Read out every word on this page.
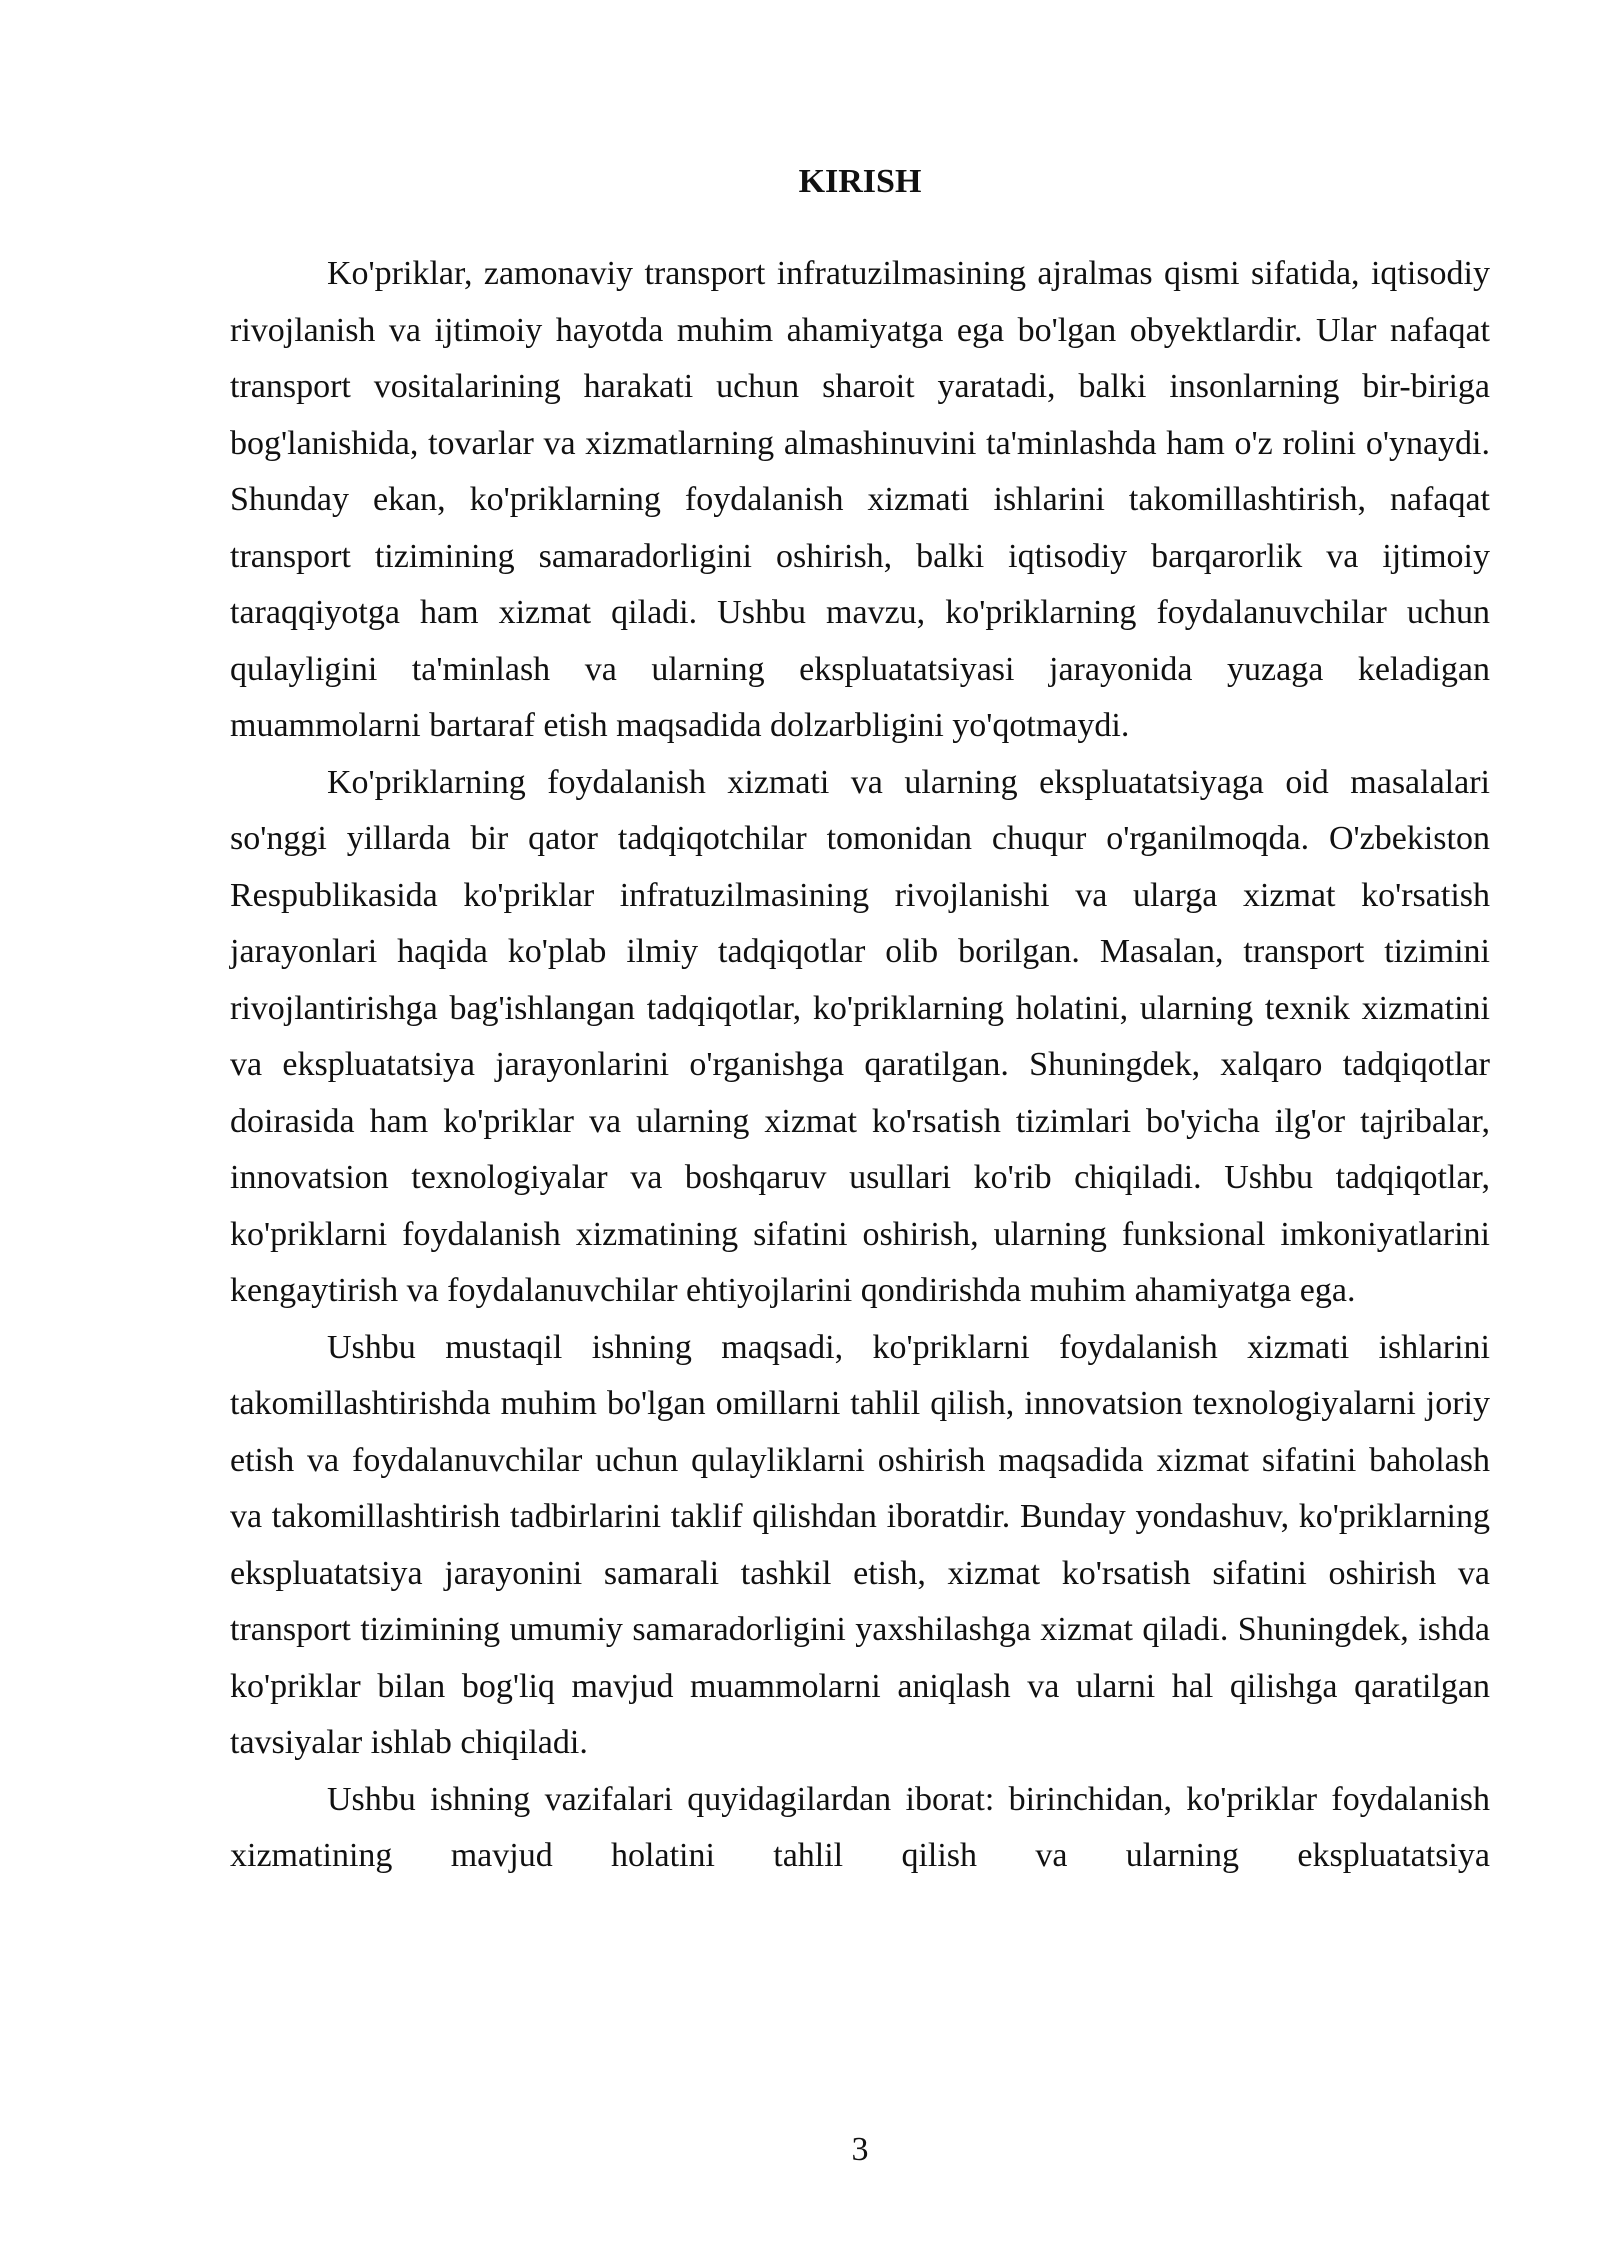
KIRISH

Ko'priklar, zamonaviy transport infratuzilmasining ajralmas qismi sifatida, iqtisodiy rivojlanish va ijtimoiy hayotda muhim ahamiyatga ega bo'lgan obyektlardir. Ular nafaqat transport vositalarining harakati uchun sharoit yaratadi, balki insonlarning bir-biriga bog'lanishida, tovarlar va xizmatlarning almashinuvini ta'minlashda ham o'z rolini o'ynaydi. Shunday ekan, ko'priklarning foydalanish xizmati ishlarini takomillashtirish, nafaqat transport tizimining samaradorligini oshirish, balki iqtisodiy barqarorlik va ijtimoiy taraqqiyotga ham xizmat qiladi. Ushbu mavzu, ko'priklarning foydalanuvchilar uchun qulayligini ta'minlash va ularning ekspluatatsiyasi jarayonida yuzaga keladigan muammolarni bartaraf etish maqsadida dolzarbligini yo'qotmaydi.

Ko'priklarning foydalanish xizmati va ularning ekspluatatsiyaga oid masalalari so'nggi yillarda bir qator tadqiqotchilar tomonidan chuqur o'rganilmoqda. O'zbekiston Respublikasida ko'priklar infratuzilmasining rivojlanishi va ularga xizmat ko'rsatish jarayonlari haqida ko'plab ilmiy tadqiqotlar olib borilgan. Masalan, transport tizimini rivojlantirishga bag'ishlangan tadqiqotlar, ko'priklarning holatini, ularning texnik xizmatini va ekspluatatsiya jarayonlarini o'rganishga qaratilgan. Shuningdek, xalqaro tadqiqotlar doirasida ham ko'priklar va ularning xizmat ko'rsatish tizimlari bo'yicha ilg'or tajribalar, innovatsion texnologiyalar va boshqaruv usullari ko'rib chiqiladi. Ushbu tadqiqotlar, ko'priklarni foydalanish xizmatining sifatini oshirish, ularning funksional imkoniyatlarini kengaytirish va foydalanuvchilar ehtiyojlarini qondirishda muhim ahamiyatga ega.

Ushbu mustaqil ishning maqsadi, ko'priklarni foydalanish xizmati ishlarini takomillashtirishda muhim bo'lgan omillarni tahlil qilish, innovatsion texnologiyalarni joriy etish va foydalanuvchilar uchun qulayliklarni oshirish maqsadida xizmat sifatini baholash va takomillashtirish tadbirlarini taklif qilishdan iboratdir. Bunday yondashuv, ko'priklarning ekspluatatsiya jarayonini samarali tashkil etish, xizmat ko'rsatish sifatini oshirish va transport tizimining umumiy samaradorligini yaxshilashga xizmat qiladi. Shuningdek, ishda ko'priklar bilan bog'liq mavjud muammolarni aniqlash va ularni hal qilishga qaratilgan tavsiyalar ishlab chiqiladi.

Ushbu ishning vazifalari quyidagilardan iborat: birinchidan, ko'priklar foydalanish xizmatining mavjud holatini tahlil qilish va ularning ekspluatatsiya

3
